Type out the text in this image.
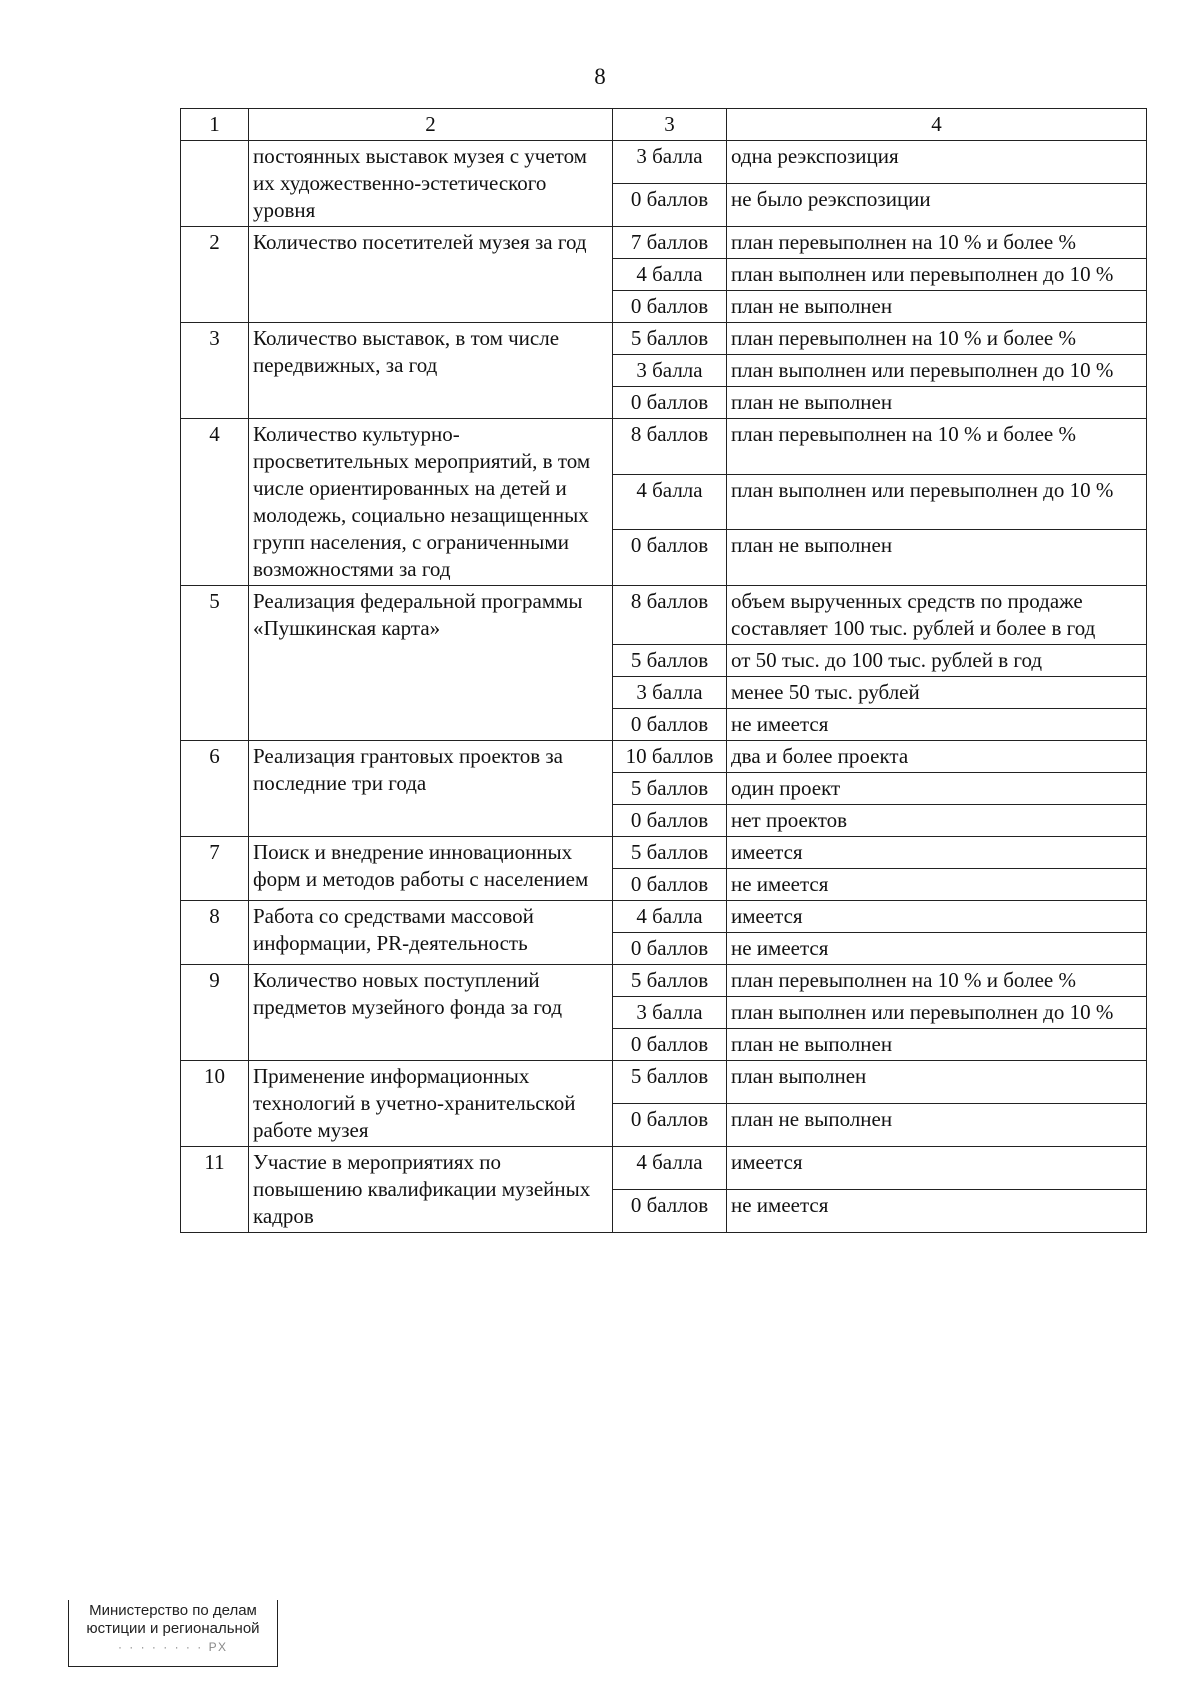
8
1	2	3	4
	постоянных выставок музея с учетом их художественно-эстетического уровня	3 балла	одна реэкспозиция
		0 баллов	не было реэкспозиции
2	Количество посетителей музея за год	7 баллов	план перевыполнен на 10 % и более %
		4 балла	план выполнен или перевыполнен до 10 %
		0 баллов	план не выполнен
3	Количество выставок, в том числе передвижных, за год	5 баллов	план перевыполнен на 10 % и более %
		3 балла	план выполнен или перевыполнен до 10 %
		0 баллов	план не выполнен
4	Количество культурно-просветительных мероприятий, в том числе ориентированных на детей и молодежь, социально незащищенных групп населения, с ограниченными возможностями за год	8 баллов	план перевыполнен на 10 % и более %
		4 балла	план выполнен или перевыполнен до 10 %
		0 баллов	план не выполнен
5	Реализация федеральной программы «Пушкинская карта»	8 баллов	объем вырученных средств по продаже составляет 100 тыс. рублей и более в год
		5 баллов	от 50 тыс. до 100 тыс. рублей в год
		3 балла	менее 50 тыс. рублей
		0 баллов	не имеется
6	Реализация грантовых проектов за последние три года	10 баллов	два и более проекта
		5 баллов	один проект
		0 баллов	нет проектов
7	Поиск и внедрение инновационных форм и методов работы с населением	5 баллов	имеется
		0 баллов	не имеется
8	Работа со средствами массовой информации, PR-деятельность	4 балла	имеется
		0 баллов	не имеется
9	Количество новых поступлений предметов музейного фонда за год	5 баллов	план перевыполнен на 10 % и более %
		3 балла	план выполнен или перевыполнен до 10 %
		0 баллов	план не выполнен
10	Применение информационных технологий в учетно-хранительской работе музея	5 баллов	план выполнен
		0 баллов	план не выполнен
11	Участие в мероприятиях по повышению квалификации музейных кадров	4 балла	имеется
		0 баллов	не имеется
Министерство по делам
юстиции и региональной
· · · · · · · · РХ
